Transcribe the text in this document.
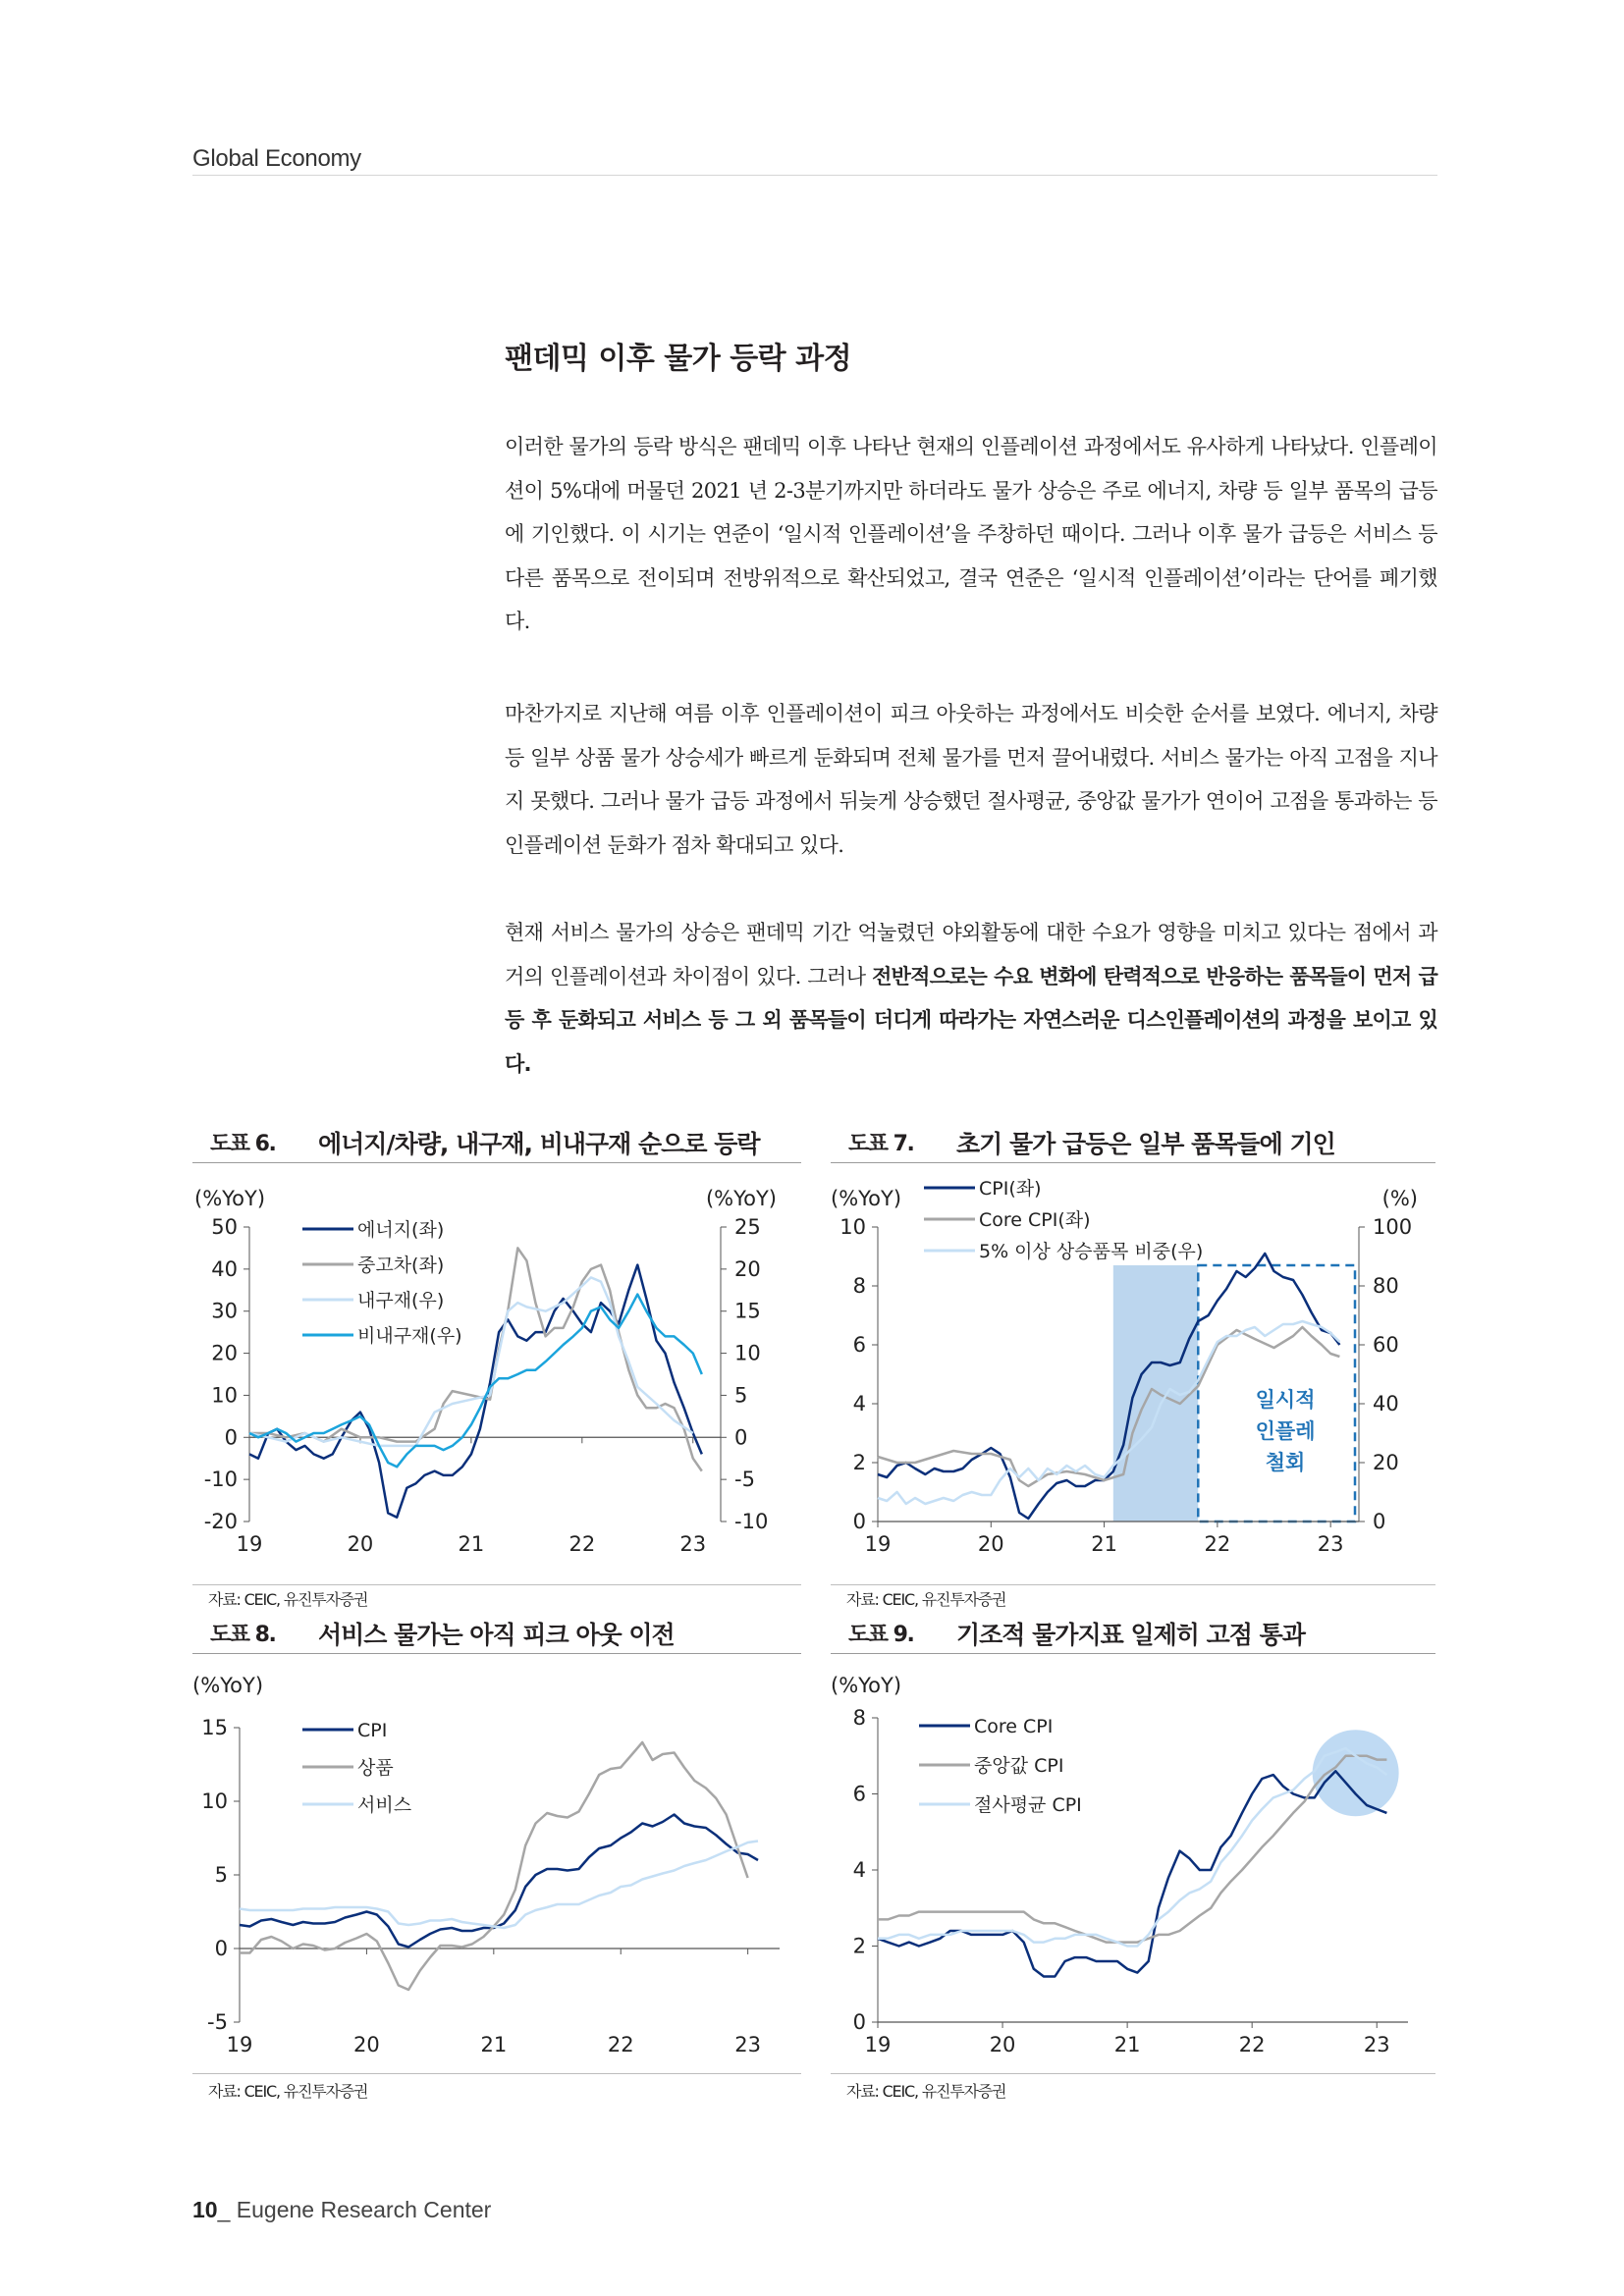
Global Economy
팬데믹 이후 물가 등락 과정
이러한 물가의 등락 방식은 팬데믹 이후 나타난 현재의 인플레이션 과정에서도 유사하게 나타났다. 인플레이션이 5%대에 머물던 2021 년 2-3분기까지만 하더라도 물가 상승은 주로 에너지, 차량 등 일부 품목의 급등에 기인했다. 이 시기는 연준이 ‘일시적 인플레이션’을 주창하던 때이다. 그러나 이후 물가 급등은 서비스 등 다른 품목으로 전이되며 전방위적으로 확산되었고, 결국 연준은 ‘일시적 인플레이션’이라는 단어를 폐기했다.
마찬가지로 지난해 여름 이후 인플레이션이 피크 아웃하는 과정에서도 비슷한 순서를 보였다. 에너지, 차량 등 일부 상품 물가 상승세가 빠르게 둔화되며 전체 물가를 먼저 끌어내렸다. 서비스 물가는 아직 고점을 지나지 못했다. 그러나 물가 급등 과정에서 뒤늦게 상승했던 절사평균, 중앙값 물가가 연이어 고점을 통과하는 등 인플레이션 둔화가 점차 확대되고 있다.
현재 서비스 물가의 상승은 팬데믹 기간 억눌렸던 야외활동에 대한 수요가 영향을 미치고 있다는 점에서 과거의 인플레이션과 차이점이 있다. 그러나 전반적으로는 수요 변화에 탄력적으로 반응하는 품목들이 먼저 급등 후 둔화되고 서비스 등 그 외 품목들이 더디게 따라가는 자연스러운 디스인플레이션의 과정을 보이고 있다.
도표 6. 에너지/차량, 내구재, 비내구재 순으로 등락
-20
-10
0
10
20
30
40
50
(%YoY)
-10
-5
0
5
10
15
20
25
(%YoY)
19	20	21	22	23
에너지(좌)
중고차(좌)
내구재(우)
비내구재(우)
자료: CEIC, 유진투자증권
도표 7. 초기 물가 급등은 일부 품목들에 기인
0
2
4
6
8
10
(%YoY)
0
20
40
60
80
100
(%)
19	20	21	22	23
CPI(좌)
Core CPI(좌)
5% 이상 상승품목 비중(우)
일시적
인플레
철회
자료: CEIC, 유진투자증권
도표 8. 서비스 물가는 아직 피크 아웃 이전
-5
0
5
10
15
(%YoY)
19	20	21	22	23
CPI
상품
서비스
자료: CEIC, 유진투자증권
도표 9. 기조적 물가지표 일제히 고점 통과
0
2
4
6
8
(%YoY)
19	20	21	22	23
Core CPI
중앙값 CPI
절사평균 CPI
자료: CEIC, 유진투자증권
10_ Eugene Research Center
